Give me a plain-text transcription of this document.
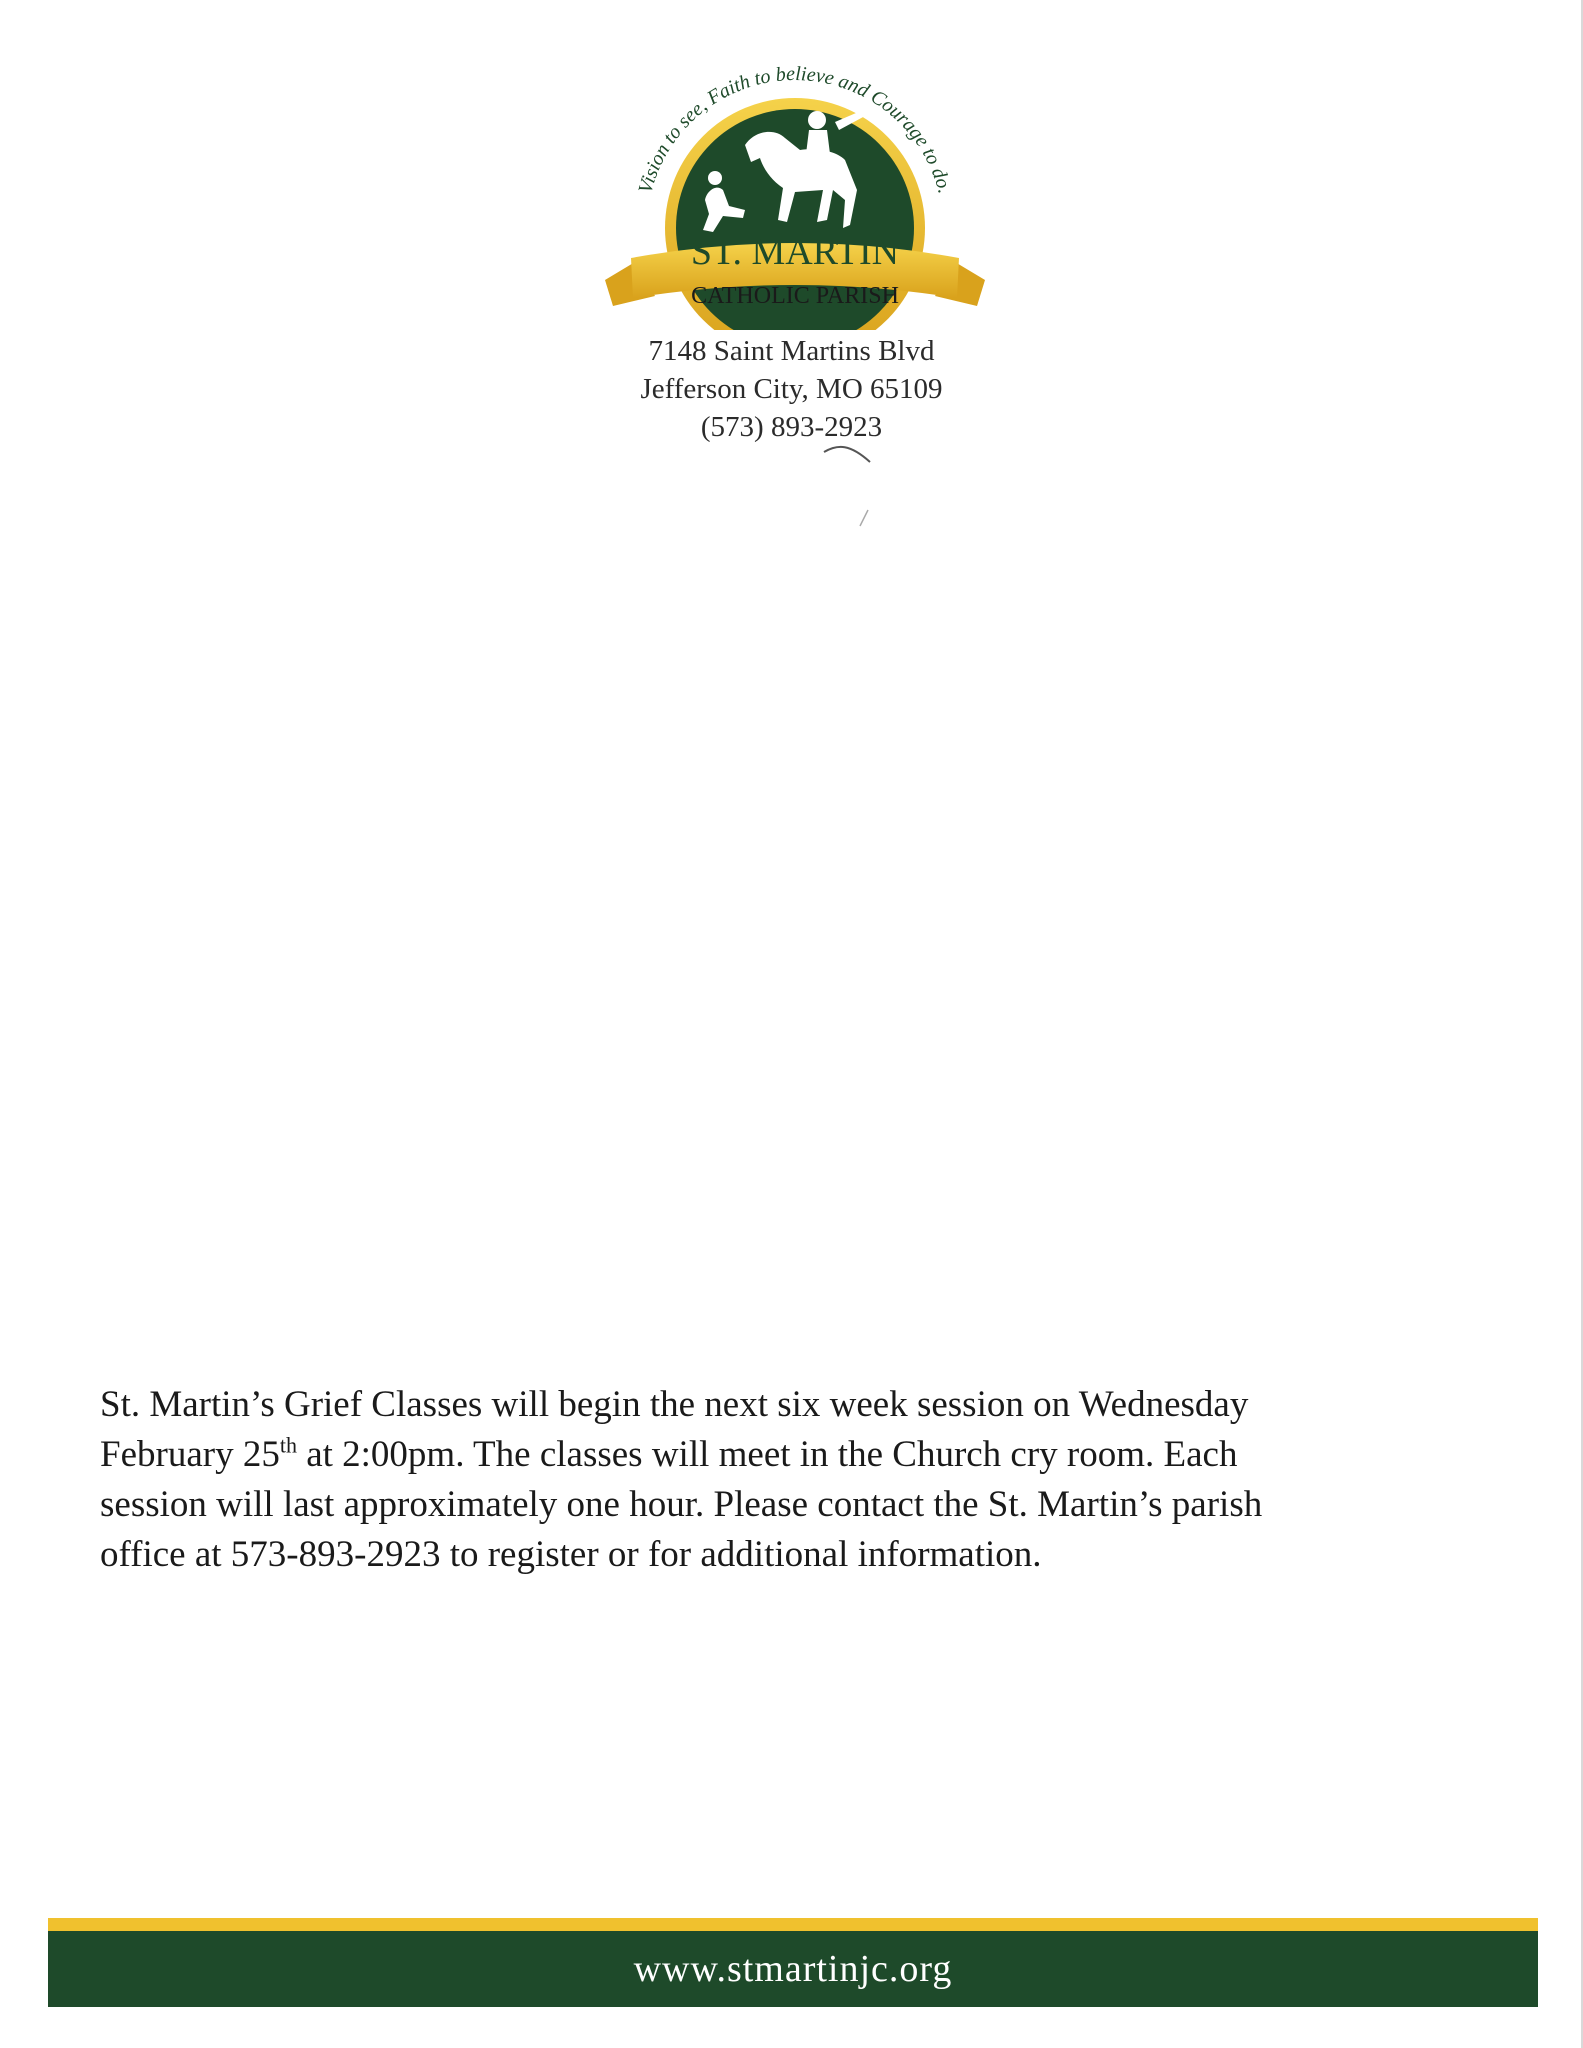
Vision to see, Faith to believe and Courage to do.
ST. MARTIN
CATHOLIC PARISH
7148 Saint Martins Blvd
Jefferson City, MO 65109
(573) 893-2923
St. Martin’s Grief Classes will begin the next six week session on Wednesday February 25th at 2:00pm. The classes will meet in the Church cry room. Each session will last approximately one hour. Please contact the St. Martin’s parish office at 573-893-2923 to register or for additional information.
www.stmartinjc.org
